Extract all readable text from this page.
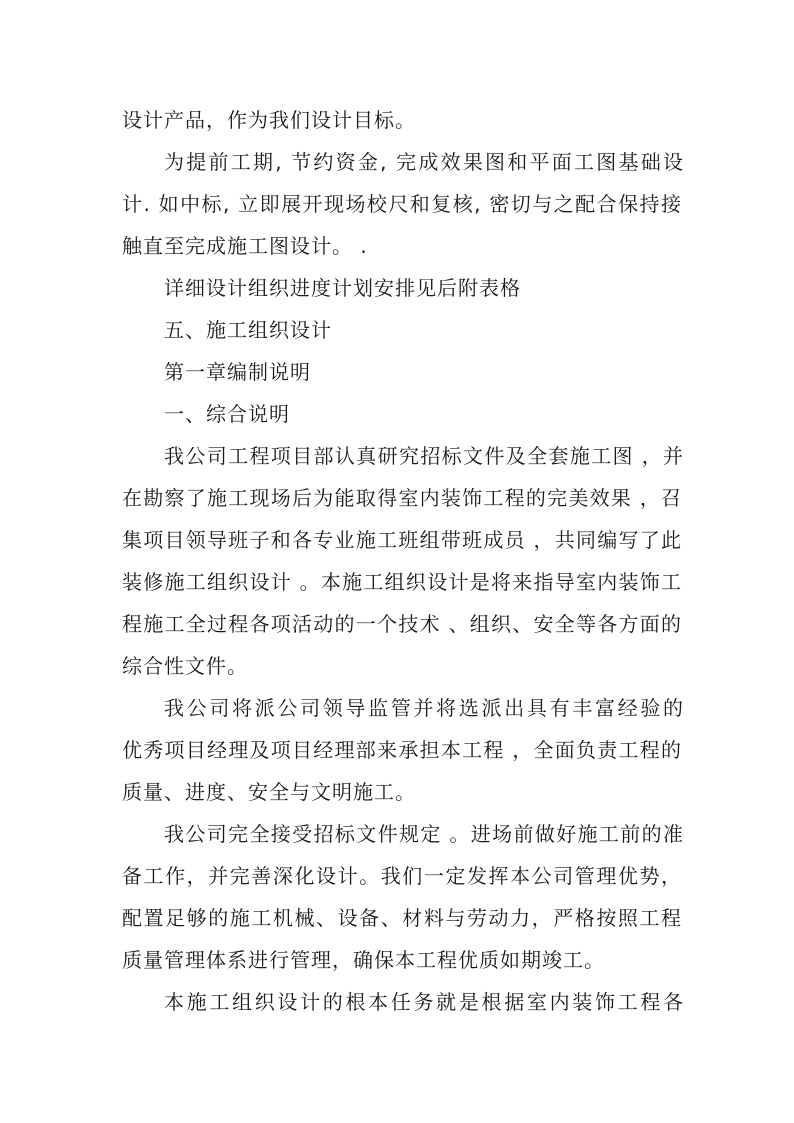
设计产品，作为我们设计目标。
为提前工期, 节约资金, 完成效果图和平面工图基础设
计. 如中标, 立即展开现场校尺和复核, 密切与之配合保持接
触直至完成施工图设计。 .
详细设计组织进度计划安排见后附表格
五、施工组织设计
第一章编制说明
一、综合说明
我公司工程项目部认真研究招标文件及全套施工图 ，并
在勘察了施工现场后为能取得室内装饰工程的完美效果 ，召
集项目领导班子和各专业施工班组带班成员 ，共同编写了此
装修施工组织设计 。本施工组织设计是将来指导室内装饰工
程施工全过程各项活动的一个技术 、组织、安全等各方面的
综合性文件。
我公司将派公司领导监管并将选派出具有丰富经验的
优秀项目经理及项目经理部来承担本工程 ，全面负责工程的
质量、进度、安全与文明施工。
我公司完全接受招标文件规定 。进场前做好施工前的准
备工作，并完善深化设计。我们一定发挥本公司管理优势，
配置足够的施工机械、设备、材料与劳动力，严格按照工程
质量管理体系进行管理，确保本工程优质如期竣工。
本施工组织设计的根本任务就是根据室内装饰工程各
